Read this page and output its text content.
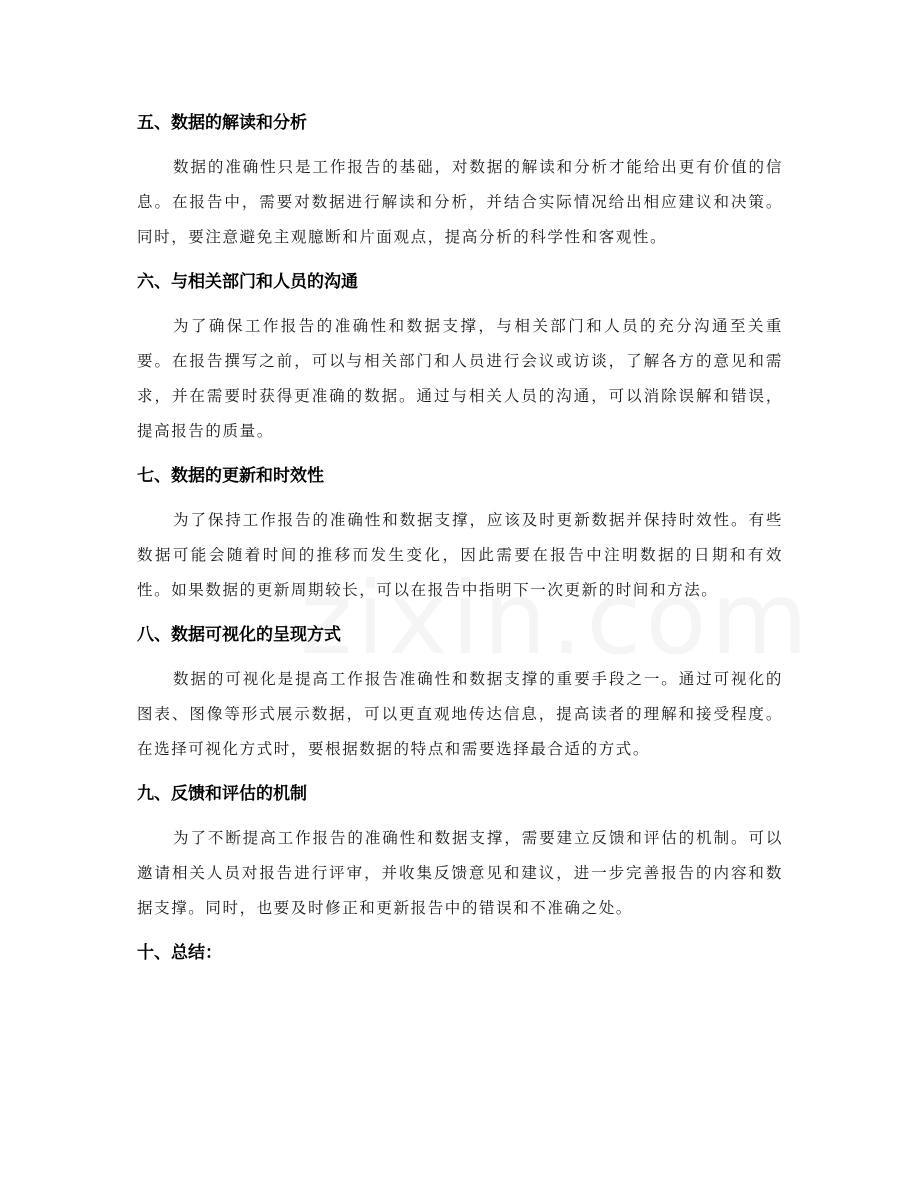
五、数据的解读和分析

数据的准确性只是工作报告的基础，对数据的解读和分析才能给出更有价值的信息。在报告中，需要对数据进行解读和分析，并结合实际情况给出相应建议和决策。同时，要注意避免主观臆断和片面观点，提高分析的科学性和客观性。

六、与相关部门和人员的沟通

为了确保工作报告的准确性和数据支撑，与相关部门和人员的充分沟通至关重要。在报告撰写之前，可以与相关部门和人员进行会议或访谈，了解各方的意见和需求，并在需要时获得更准确的数据。通过与相关人员的沟通，可以消除误解和错误，提高报告的质量。

七、数据的更新和时效性

为了保持工作报告的准确性和数据支撑，应该及时更新数据并保持时效性。有些数据可能会随着时间的推移而发生变化，因此需要在报告中注明数据的日期和有效性。如果数据的更新周期较长，可以在报告中指明下一次更新的时间和方法。

八、数据可视化的呈现方式

数据的可视化是提高工作报告准确性和数据支撑的重要手段之一。通过可视化的图表、图像等形式展示数据，可以更直观地传达信息，提高读者的理解和接受程度。在选择可视化方式时，要根据数据的特点和需要选择最合适的方式。

九、反馈和评估的机制

为了不断提高工作报告的准确性和数据支撑，需要建立反馈和评估的机制。可以邀请相关人员对报告进行评审，并收集反馈意见和建议，进一步完善报告的内容和数据支撑。同时，也要及时修正和更新报告中的错误和不准确之处。

十、总结：
